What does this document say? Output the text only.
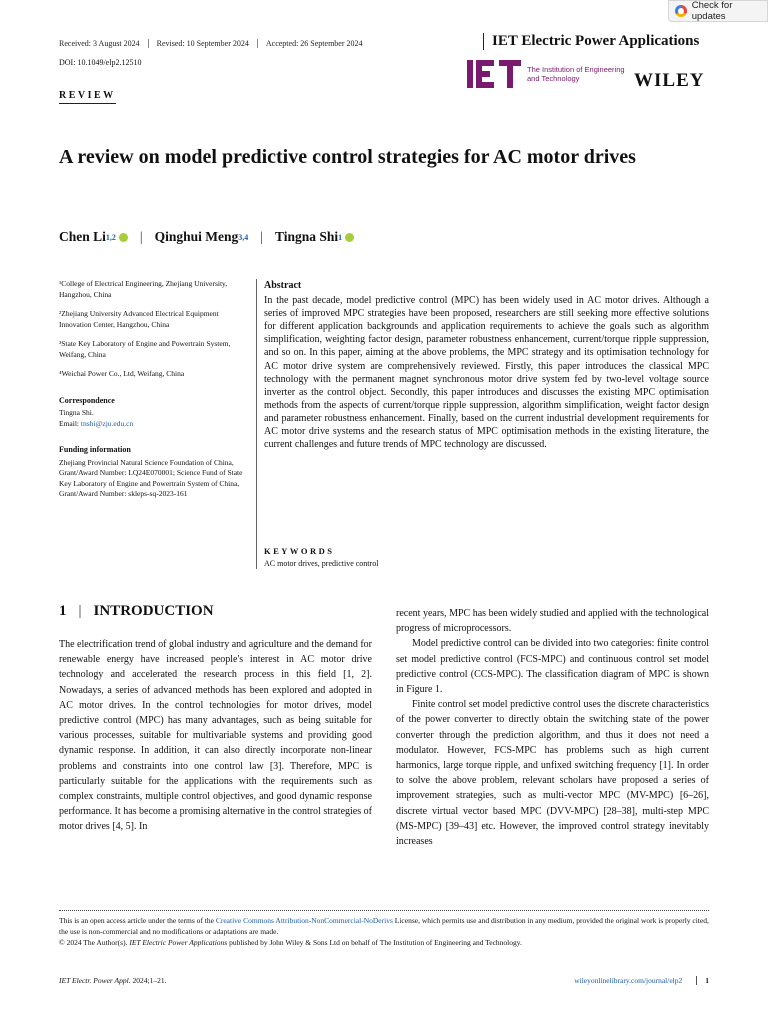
Check for updates
Received: 3 August 2024	Revised: 10 September 2024	Accepted: 26 September 2024	IET Electric Power Applications
DOI: 10.1049/elp2.12510
The Institution of Engineering and Technology	WILEY
REVIEW
A review on model predictive control strategies for AC motor drives
Chen Li 1,2 | Qinghui Meng 3,4 | Tingna Shi 1

¹College of Electrical Engineering, Zhejiang University, Hangzhou, China

²Zhejiang University Advanced Electrical Equipment Innovation Center, Hangzhou, China

³State Key Laboratory of Engine and Powertrain System, Weifang, China

⁴Weichai Power Co., Ltd, Weifang, China

Correspondence
Tingna Shi.
Email: tnshi@zju.edu.cn
Funding information
Zhejiang Provincial Natural Science Foundation of China, Grant/Award Number: LQ24E070001; Science Fund of State Key Laboratory of Engine and Powertrain System of China, Grant/Award Number: skleps-sq-2023-161
Abstract
In the past decade, model predictive control (MPC) has been widely used in AC motor drives. Although a series of improved MPC strategies have been proposed, researchers are still seeking more effective solutions for different application backgrounds and application requirements to achieve the goals such as algorithm simplification, weighting factor design, parameter robustness enhancement, current/torque ripple suppression, and so on. In this paper, aiming at the above problems, the MPC strategy and its optimisation technology for AC motor drive system are comprehensively reviewed. Firstly, this paper introduces the classical MPC technology with the permanent magnet synchronous motor drive system fed by two-level voltage source inverter as the control object. Secondly, this paper introduces and discusses the existing MPC optimisation methods from the aspects of current/torque ripple suppression, algorithm simplification, weight factor design and parameter robustness enhancement. Finally, based on the current industrial development requirements for AC motor drive systems and the research status of MPC optimisation methods in the existing literature, the current challenges and future trends of MPC technology are discussed.
KEYWORDS
AC motor drives, predictive control
1 | INTRODUCTION

The electrification trend of global industry and agriculture and the demand for renewable energy have increased people's interest in AC motor drive technology and accelerated the research process in this field [1, 2]. Nowadays, a series of advanced methods has been explored and adopted in AC motor drives. In the control technologies for motor drives, model predictive control (MPC) has many advantages, such as being suitable for various processes, suitable for multivariable systems and providing good dynamic response. In addition, it can also directly incorporate non-linear problems and constraints into one control law [3]. Therefore, MPC is particularly suitable for the applications with the requirements such as complex constraints, multiple control objectives, and good dynamic response performance. It has become a promising alternative in the control strategies of motor drives [4, 5]. In

recent years, MPC has been widely studied and applied with the technological progress of microprocessors.

Model predictive control can be divided into two categories: finite control set model predictive control (FCS-MPC) and continuous control set model predictive control (CCS-MPC). The classification diagram of MPC is shown in Figure 1.

Finite control set model predictive control uses the discrete characteristics of the power converter to directly obtain the switching state of the power converter through the prediction algorithm, and thus it does not need a modulator. However, FCS-MPC has problems such as high current harmonics, large torque ripple, and unfixed switching frequency [1]. In order to solve the above problem, relevant scholars have proposed a series of improvement strategies, such as multi-vector MPC (MV-MPC) [6–26], discrete virtual vector based MPC (DVV-MPC) [28–38], multi-step MPC (MS-MPC) [39–43] etc. However, the improved control strategy inevitably increases

This is an open access article under the terms of the Creative Commons Attribution-NonCommercial-NoDerivs License, which permits use and distribution in any medium, provided the original work is properly cited, the use is non-commercial and no modifications or adaptations are made.
© 2024 The Author(s). IET Electric Power Applications published by John Wiley & Sons Ltd on behalf of The Institution of Engineering and Technology.
IET Electr. Power Appl. 2024;1–21.	wileyonlinelibrary.com/journal/elp2	1
